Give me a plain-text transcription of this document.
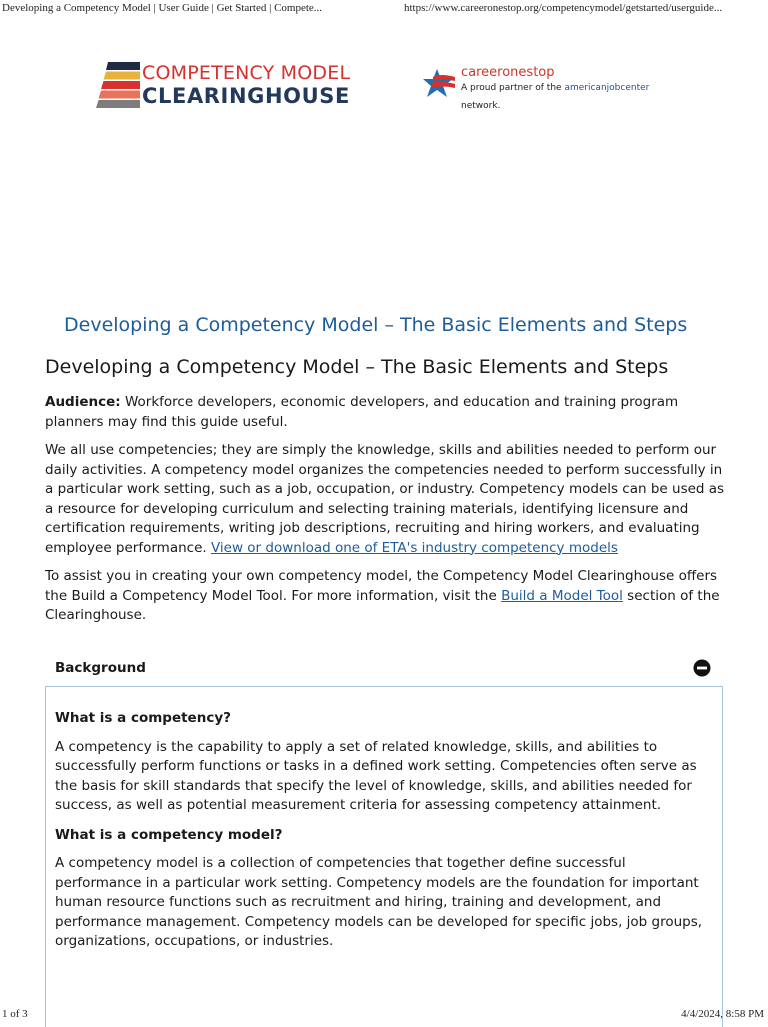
Developing a Competency Model | User Guide | Get Started | Compete...	https://www.careeronestop.org/competencymodel/getstarted/userguide...
COMPETENCY MODEL
CLEARINGHOUSE
careeronestop
A proud partner of the americanjobcenter
network.
Developing a Competency Model – The Basic Elements and Steps
Developing a Competency Model – The Basic Elements and Steps

Audience: Workforce developers, economic developers, and education and training program planners may find this guide useful.

We all use competencies; they are simply the knowledge, skills and abilities needed to perform our daily activities. A competency model organizes the competencies needed to perform successfully in a particular work setting, such as a job, occupation, or industry. Competency models can be used as a resource for developing curriculum and selecting training materials, identifying licensure and certification requirements, writing job descriptions, recruiting and hiring workers, and evaluating employee performance. View or download one of ETA's industry competency models

To assist you in creating your own competency model, the Competency Model Clearinghouse offers the Build a Competency Model Tool. For more information, visit the Build a Model Tool section of the Clearinghouse.

Background
What is a competency?

A competency is the capability to apply a set of related knowledge, skills, and abilities to successfully perform functions or tasks in a defined work setting. Competencies often serve as the basis for skill standards that specify the level of knowledge, skills, and abilities needed for success, as well as potential measurement criteria for assessing competency attainment.

What is a competency model?

A competency model is a collection of competencies that together define successful performance in a particular work setting. Competency models are the foundation for important human resource functions such as recruitment and hiring, training and development, and performance management. Competency models can be developed for specific jobs, job groups, organizations, occupations, or industries.

1 of 3	4/4/2024, 8:58 PM
